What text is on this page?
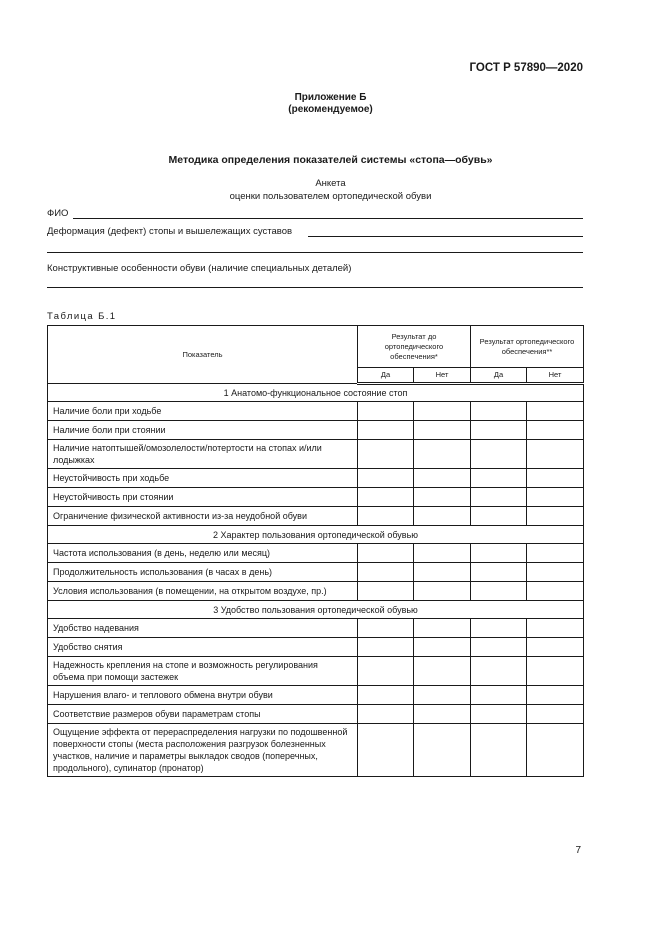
ГОСТ Р 57890—2020
Приложение Б
(рекомендуемое)
Методика определения показателей системы «стопа—обувь»
Анкета
оценки пользователем ортопедической обуви
ФИО
Деформация (дефект) стопы и вышележащих суставов
Конструктивные особенности обуви (наличие специальных деталей)
Таблица Б.1
Показатель	Результат до ортопедического обеспечения*		Результат ортопедического обеспечения**	
	Да	Нет	Да	Нет
1 Анатомо-функциональное состояние стоп				
Наличие боли при ходьбе				
Наличие боли при стоянии				
Наличие натоптышей/омозолелости/потертости на стопах и/или лодыжках				
Неустойчивость при ходьбе				
Неустойчивость при стоянии				
Ограничение физической активности из-за неудобной обуви				
2 Характер пользования ортопедической обувью				
Частота использования (в день, неделю или месяц)				
Продолжительность использования (в часах в день)				
Условия использования (в помещении, на открытом воздухе, пр.)				
3 Удобство пользования ортопедической обувью				
Удобство надевания				
Удобство снятия				
Надежность крепления на стопе и возможность регулирования объема при помощи застежек				
Нарушения влаго- и теплового обмена внутри обуви				
Соответствие размеров обуви параметрам стопы				
Ощущение эффекта от перераспределения нагрузки по подошвенной поверхности стопы (места расположения разгрузок болезненных участков, наличие и параметры выкладок сводов (поперечных, продольного), супинатор (пронатор)				
7
